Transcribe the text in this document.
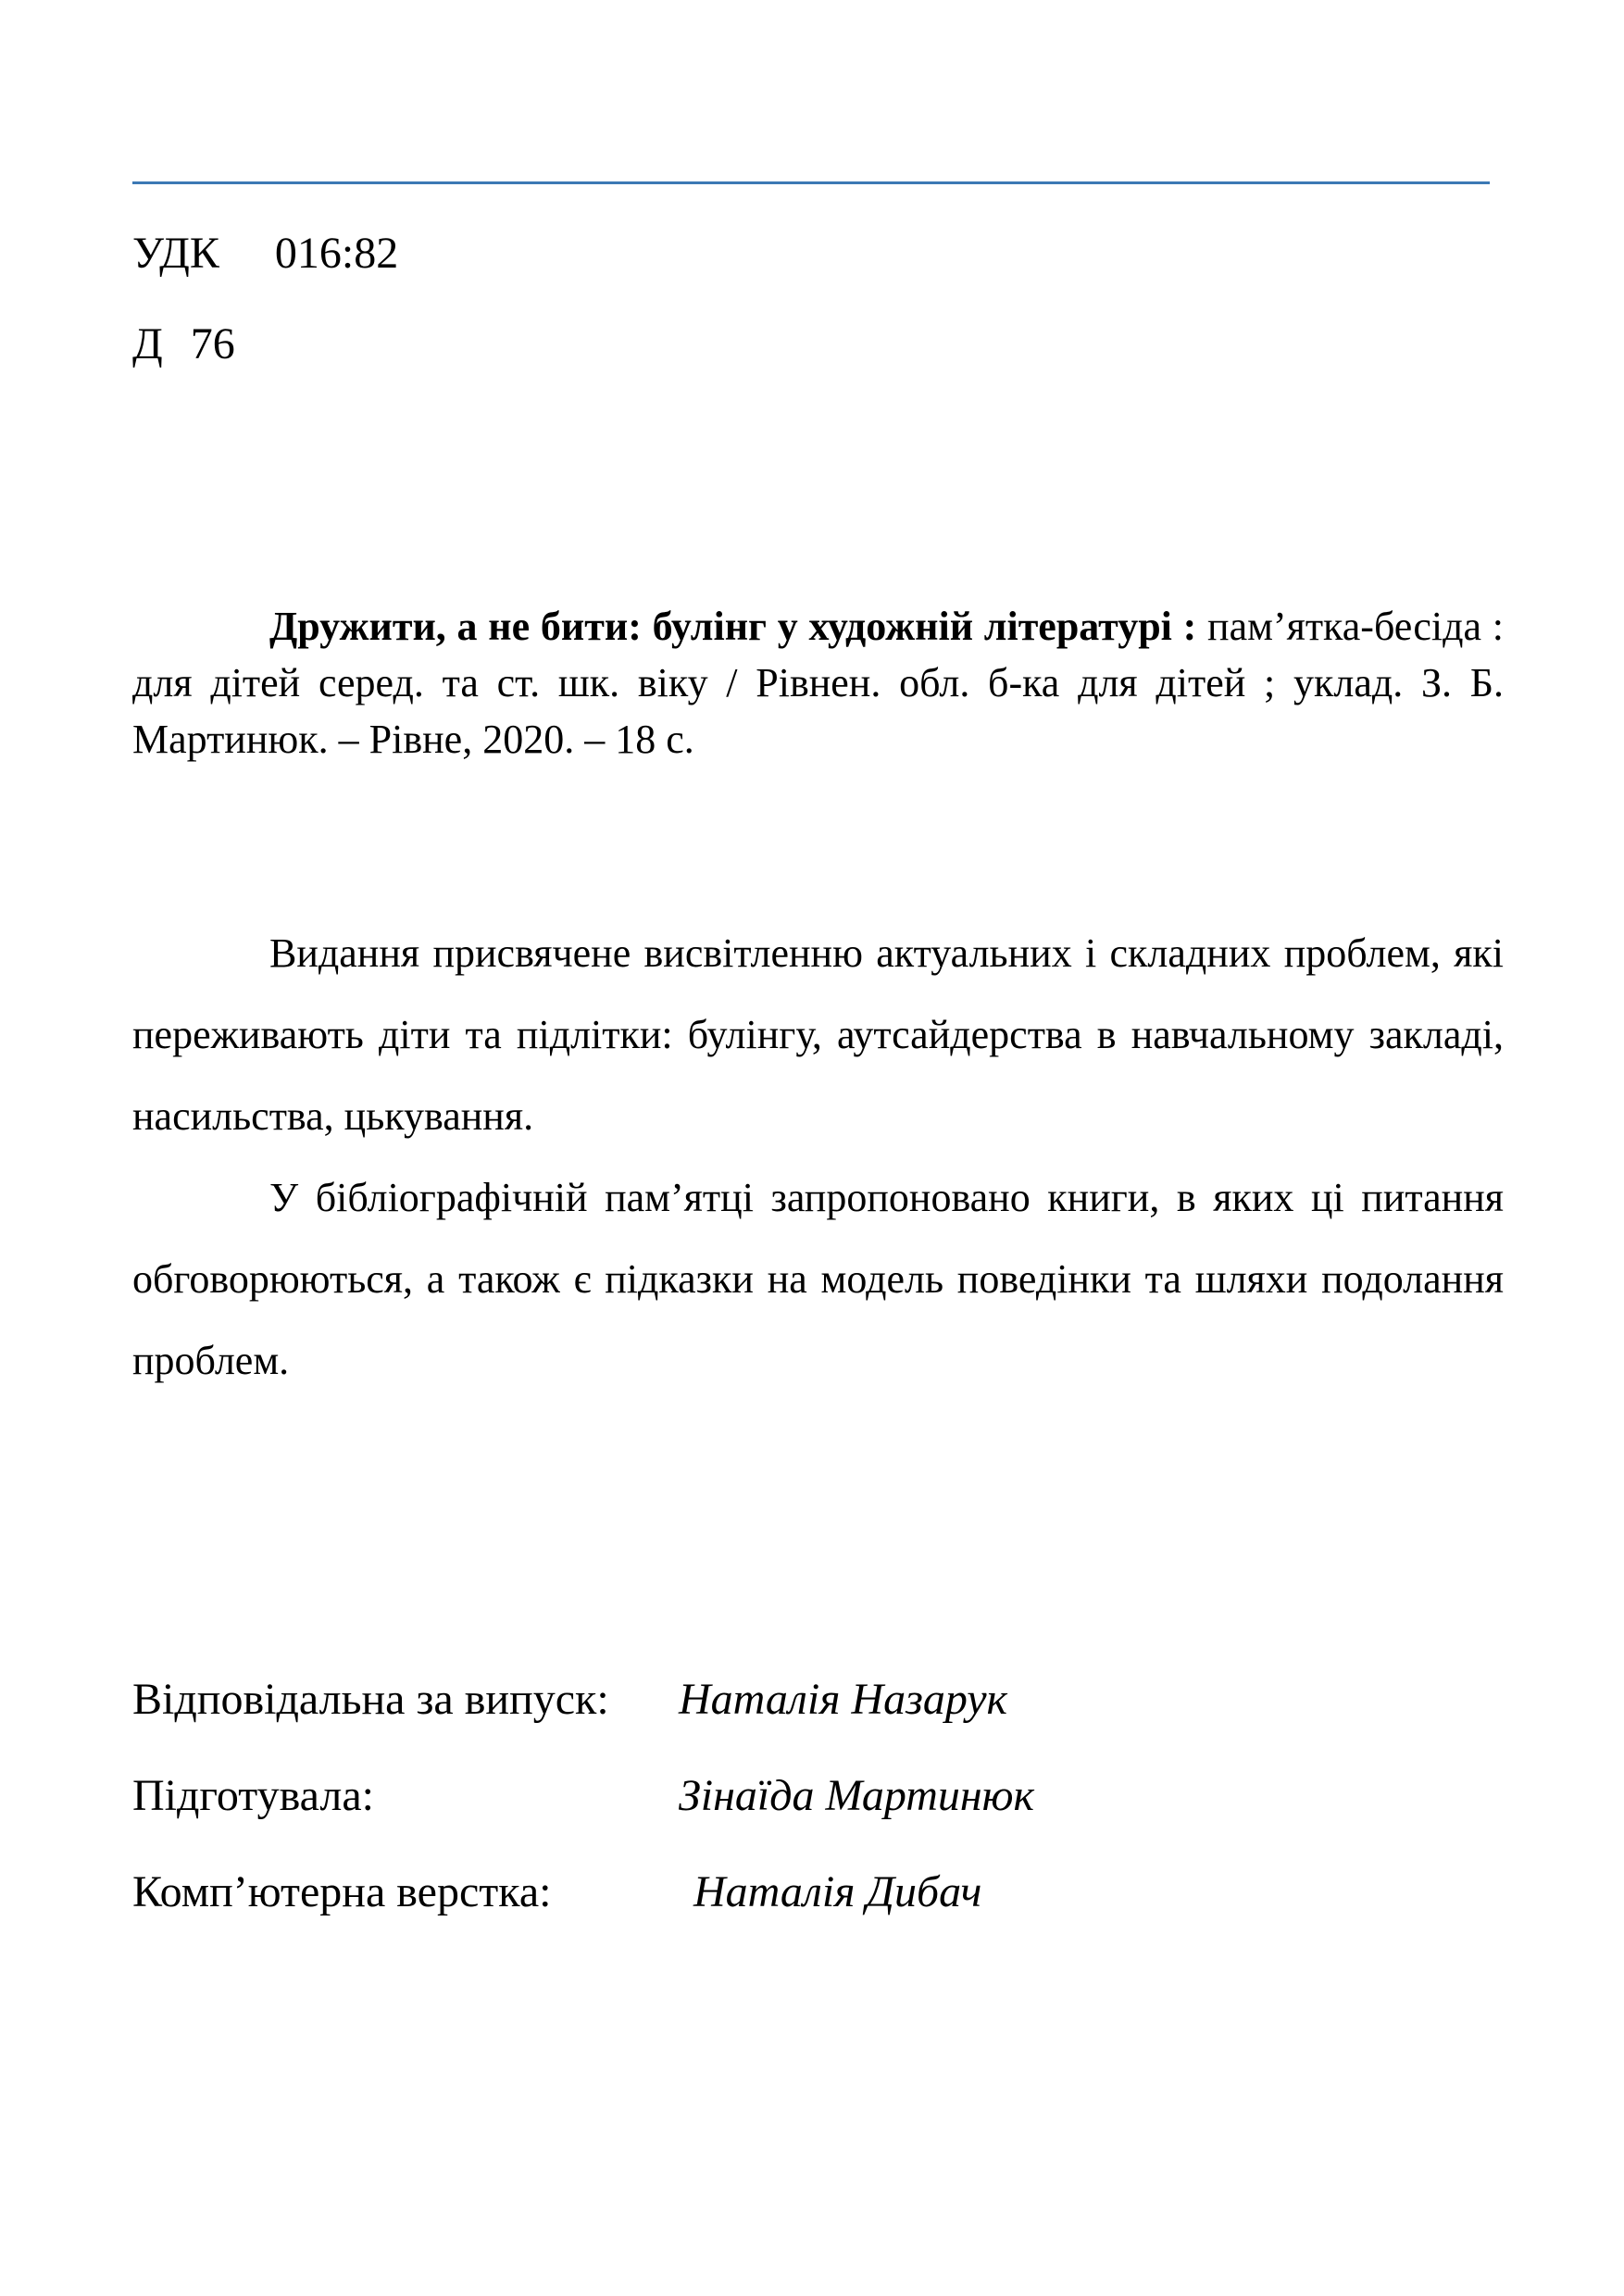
УДК 016:82
Д 76

Дружити, а не бити: булінг у художній літературі : пам’ятка-бесіда : для дітей серед. та ст. шк. віку / Рівнен. обл. б-ка для дітей ; уклад. З. Б. Мартинюк. – Рівне, 2020. – 18 с.

Видання присвячене висвітленню актуальних і складних проблем, які переживають діти та підлітки: булінгу, аутсайдерства в навчальному закладі, насильства, цькування.

У бібліографічній пам’ятці запропоновано книги, в яких ці питання обговорюються, а також є підказки на модель поведінки та шляхи подолання проблем.

Відповідальна за випуск: Наталія Назарук
Підготувала:	Зінаїда Мартинюк
Комп’ютерна верстка:	Наталія Дибач
